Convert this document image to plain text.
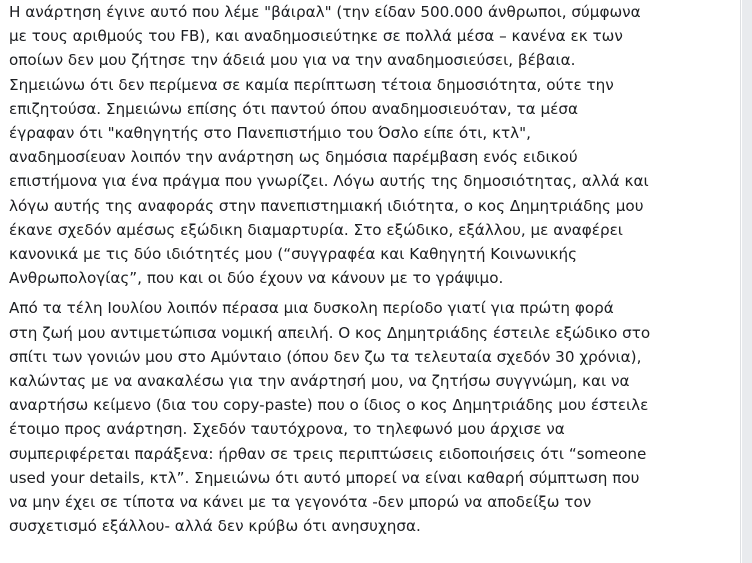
Η ανάρτηση έγινε αυτό που λέμε "βάιραλ" (την είδαν 500.000 άνθρωποι, σύμφωνα

με τους αριθμούς του FB), και αναδημοσιεύτηκε σε πολλά μέσα – κανένα εκ των

οποίων δεν μου ζήτησε την άδειά μου για να την αναδημοσιεύσει, βέβαια.

Σημειώνω ότι δεν περίμενα σε καμία περίπτωση τέτοια δημοσιότητα, ούτε την

επιζητούσα. Σημειώνω επίσης ότι παντού όπου αναδημοσιευόταν, τα μέσα

έγραφαν ότι "καθηγητής στο Πανεπιστήμιο του Όσλο είπε ότι, κτλ",

αναδημοσίευαν λοιπόν την ανάρτηση ως δημόσια παρέμβαση ενός ειδικού

επιστήμονα για ένα πράγμα που γνωρίζει. Λόγω αυτής της δημοσιότητας, αλλά και

λόγω αυτής της αναφοράς στην πανεπιστημιακή ιδιότητα, ο κος Δημητριάδης μου

έκανε σχεδόν αμέσως εξώδικη διαμαρτυρία. Στο εξώδικο, εξάλλου, με αναφέρει

κανονικά με τις δύο ιδιότητές μου (“συγγραφέα και Καθηγητή Κοινωνικής

Ανθρωπολογίας”, που και οι δύο έχουν να κάνουν με το γράψιμο.

Από τα τέλη Ιουλίου λοιπόν πέρασα μια δυσκολη περίοδο γιατί για πρώτη φορά

στη ζωή μου αντιμετώπισα νομική απειλή. Ο κος Δημητριάδης έστειλε εξώδικο στο

σπίτι των γονιών μου στο Αμύνταιο (όπου δεν ζω τα τελευταία σχεδόν 30 χρόνια),

καλώντας με να ανακαλέσω για την ανάρτησή μου, να ζητήσω συγγνώμη, και να

αναρτήσω κείμενο (δια του copy-paste) που ο ίδιος ο κος Δημητριάδης μου έστειλε

έτοιμο προς ανάρτηση. Σχεδόν ταυτόχρονα, το τηλεφωνό μου άρχισε να

συμπεριφέρεται παράξενα: ήρθαν σε τρεις περιπτώσεις ειδοποιήσεις ότι “someone

used your details, κτλ”. Σημειώνω ότι αυτό μπορεί να είναι καθαρή σύμπτωση που

να μην έχει σε τίποτα να κάνει με τα γεγονότα -δεν μπορώ να αποδείξω τον

συσχετισμό εξάλλου- αλλά δεν κρύβω ότι ανησυχησα.
